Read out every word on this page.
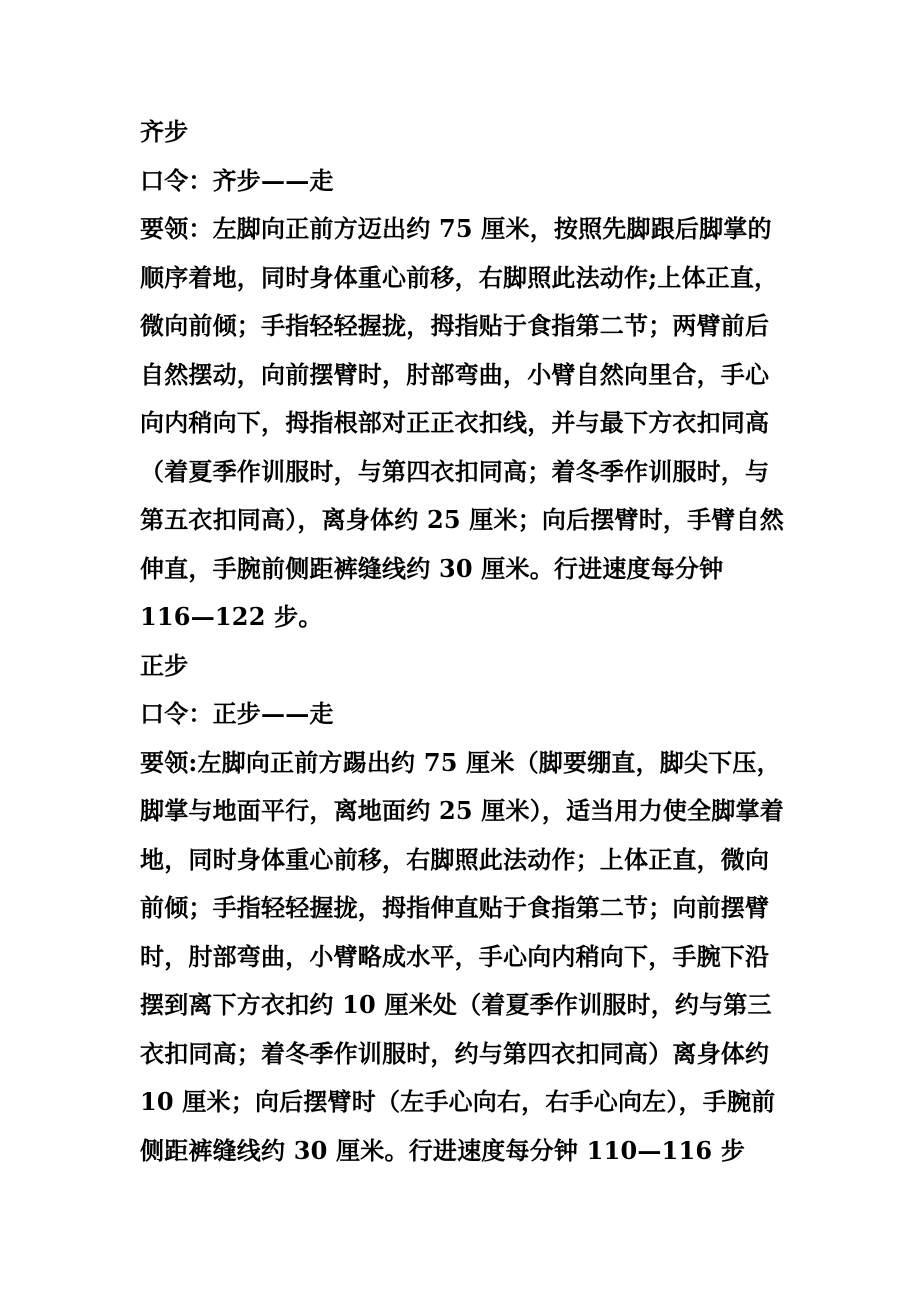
齐步
口令：齐步——走
要领：左脚向正前方迈出约 75 厘米，按照先脚跟后脚掌的
顺序着地，同时身体重心前移，右脚照此法动作;上体正直，
微向前倾；手指轻轻握拢，拇指贴于食指第二节；两臂前后
自然摆动，向前摆臂时，肘部弯曲，小臂自然向里合，手心
向内稍向下，拇指根部对正正衣扣线，并与最下方衣扣同高
（着夏季作训服时，与第四衣扣同高；着冬季作训服时，与
第五衣扣同高），离身体约 25 厘米；向后摆臂时，手臂自然
伸直，手腕前侧距裤缝线约 30 厘米。行进速度每分钟
116—122 步。
正步
口令：正步——走
要领:左脚向正前方踢出约 75 厘米（脚要绷直，脚尖下压，
脚掌与地面平行，离地面约 25 厘米），适当用力使全脚掌着
地，同时身体重心前移，右脚照此法动作；上体正直，微向
前倾；手指轻轻握拢，拇指伸直贴于食指第二节；向前摆臂
时，肘部弯曲，小臂略成水平，手心向内稍向下，手腕下沿
摆到离下方衣扣约 10 厘米处（着夏季作训服时，约与第三
衣扣同高；着冬季作训服时，约与第四衣扣同高）离身体约
10 厘米；向后摆臂时（左手心向右，右手心向左），手腕前
侧距裤缝线约 30 厘米。行进速度每分钟 110—116 步
